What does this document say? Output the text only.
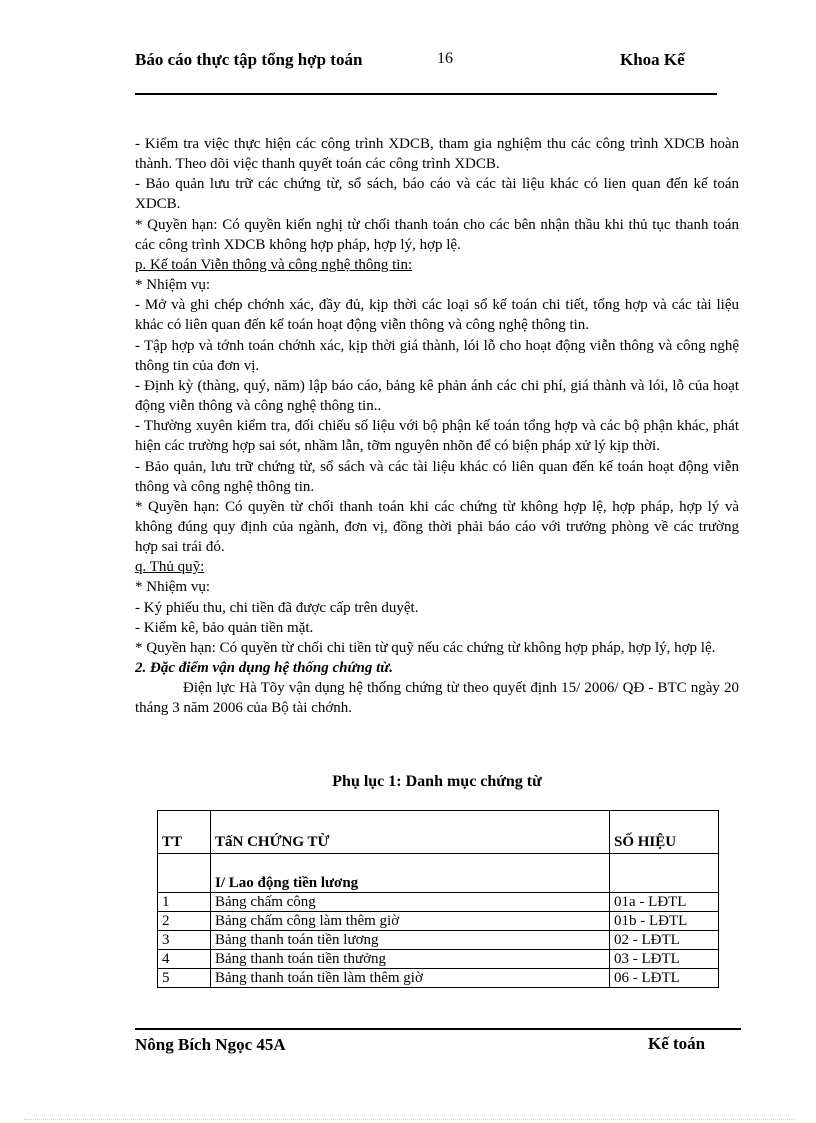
Báo cáo thực tập tổng hợp toán	16	Khoa Kế

- Kiểm tra việc thực hiện các công trình XDCB, tham gia nghiệm thu các công trình XDCB hoàn thành. Theo dõi việc thanh quyết toán các công trình XDCB.

- Bảo quản lưu trữ các chứng từ, sổ sách, báo cáo và các tài liệu khác có lien quan đến kế toán XDCB.

* Quyền hạn: Có quyền kiến nghị từ chối thanh toán cho các bên nhận thầu khi thủ tục thanh toán các công trình XDCB không hợp pháp, hợp lý, hợp lệ.

p. Kế toán Viễn thông và công nghệ thông tin:

* Nhiệm vụ:

- Mở và ghi chép chớnh xác, đầy đủ, kịp thời các loại sổ kế toán chi tiết, tổng hợp và các tài liệu khác có liên quan đến kế toán hoạt động viễn thông và công nghệ thông tin.

- Tập hợp và tớnh toán chớnh xác, kịp thời giá thành, lói lỗ cho hoạt động viễn thông và công nghệ thông tin của đơn vị.

- Định kỳ (thàng, quý, năm) lập báo cáo, bảng kê phản ánh các chi phí, giá thành và lói, lỗ của hoạt động viễn thông và công nghệ thông tin..

- Thường xuyên kiểm tra, đối chiếu số liệu với bộ phận kế toán tổng hợp và các bộ phận khác, phát hiện các trường hợp sai sót, nhầm lẫn, tỡm nguyên nhõn để có biện pháp xử lý kịp thời.

- Bảo quản, lưu trữ chứng từ, sổ sách và các tài liệu khác có liên quan đến kế toán hoạt động viễn thông và công nghệ thông tin.

* Quyền hạn: Có quyền từ chối thanh toán khi các chứng từ không hợp lệ, hợp pháp, hợp lý và không đúng quy định của ngành, đơn vị, đồng thời phải báo cáo với trưởng phòng về các trường hợp sai trái đó.

q. Thủ quỹ:

* Nhiệm vụ:

- Ký phiếu thu, chi tiền đã được cấp trên duyệt.

- Kiểm kê, bảo quản tiền mặt.

* Quyền hạn: Có quyền từ chối chi tiền từ quỹ nếu các chứng từ không hợp pháp, hợp lý, hợp lệ.

2. Đặc điểm vận dụng hệ thống chứng từ.

Điện lực Hà Tõy vận dụng hệ thống chứng từ theo quyết định 15/ 2006/ QĐ - BTC ngày 20 tháng 3 năm 2006 của Bộ tài chớnh.

Phụ lục 1: Danh mục chứng từ
TT	TấN CHỨNG TỪ	SỐ HIỆU
	I/ Lao động tiền lương	
1	Bảng chấm công	01a - LĐTL
2	Bảng chấm công làm thêm giờ	01b - LĐTL
3	Bảng thanh toán tiền lương	02 - LĐTL
4	Bảng thanh toán tiền thưởng	03 - LĐTL
5	Bảng thanh toán tiền làm thêm giờ	06 - LĐTL
Nông Bích Ngọc 45A	Kế toán
